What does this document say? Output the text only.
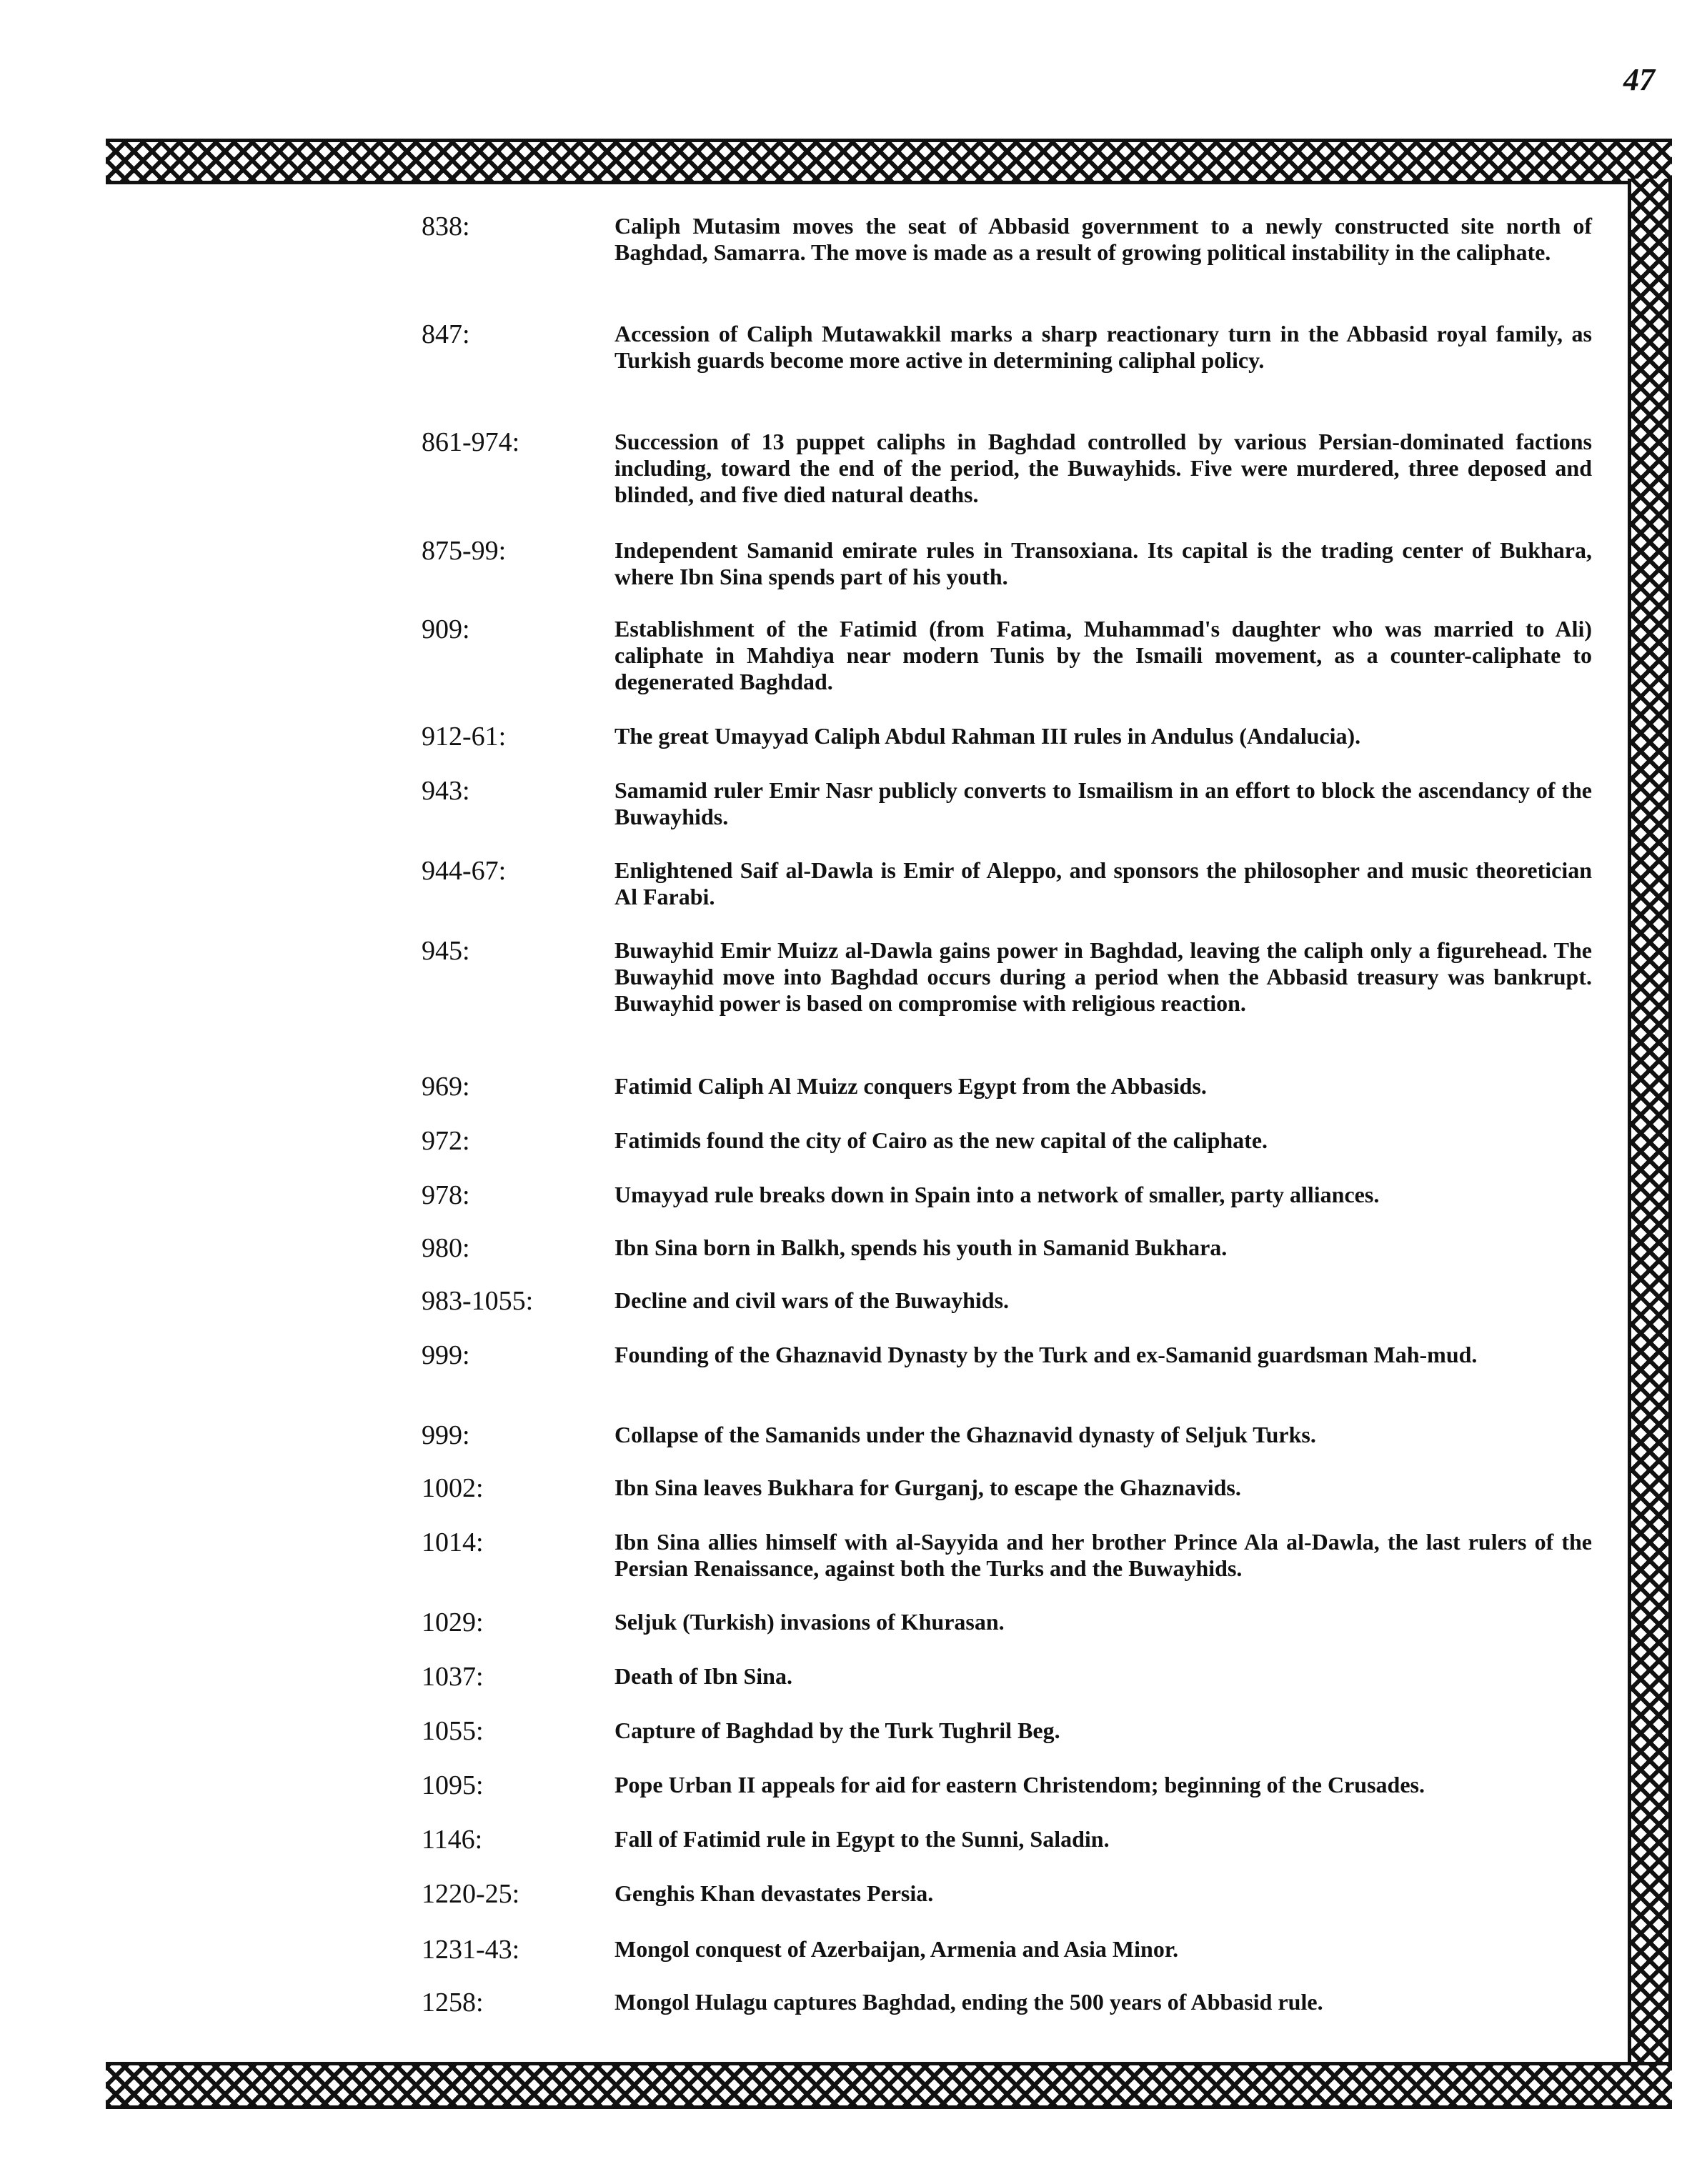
47
838:	Caliph Mutasim moves the seat of Abbasid government to a newly constructed site north of Baghdad, Samarra. The move is made as a result of growing political instability in the caliphate.
847:	Accession of Caliph Mutawakkil marks a sharp reactionary turn in the Abbasid royal family, as Turkish guards become more active in determining caliphal policy.
861-974:	Succession of 13 puppet caliphs in Baghdad controlled by various Persian-dominated factions including, toward the end of the period, the Buwayhids. Five were murdered, three deposed and blinded, and five died natural deaths.
875-99:	Independent Samanid emirate rules in Transoxiana. Its capital is the trading center of Bukhara, where Ibn Sina spends part of his youth.
909:	Establishment of the Fatimid (from Fatima, Muhammad's daughter who was married to Ali) caliphate in Mahdiya near modern Tunis by the Ismaili movement, as a counter-caliphate to degenerated Baghdad.
912-61:	The great Umayyad Caliph Abdul Rahman III rules in Andulus (Andalucia).
943:	Samamid ruler Emir Nasr publicly converts to Ismailism in an effort to block the ascendancy of the Buwayhids.
944-67:	Enlightened Saif al-Dawla is Emir of Aleppo, and sponsors the philosopher and music theoretician Al Farabi.
945:	Buwayhid Emir Muizz al-Dawla gains power in Baghdad, leaving the caliph only a figurehead. The Buwayhid move into Baghdad occurs during a period when the Abbasid treasury was bankrupt. Buwayhid power is based on compromise with religious reaction.
969:	Fatimid Caliph Al Muizz conquers Egypt from the Abbasids.
972:	Fatimids found the city of Cairo as the new capital of the caliphate.
978:	Umayyad rule breaks down in Spain into a network of smaller, party alliances.
980:	Ibn Sina born in Balkh, spends his youth in Samanid Bukhara.
983-1055:	Decline and civil wars of the Buwayhids.
999:	Founding of the Ghaznavid Dynasty by the Turk and ex-Samanid guardsman Mah-mud.
999:	Collapse of the Samanids under the Ghaznavid dynasty of Seljuk Turks.
1002:	Ibn Sina leaves Bukhara for Gurganj, to escape the Ghaznavids.
1014:	Ibn Sina allies himself with al-Sayyida and her brother Prince Ala al-Dawla, the last rulers of the Persian Renaissance, against both the Turks and the Buwayhids.
1029:	Seljuk (Turkish) invasions of Khurasan.
1037:	Death of Ibn Sina.
1055:	Capture of Baghdad by the Turk Tughril Beg.
1095:	Pope Urban II appeals for aid for eastern Christendom; beginning of the Crusades.
1146:	Fall of Fatimid rule in Egypt to the Sunni, Saladin.
1220-25:	Genghis Khan devastates Persia.
1231-43:	Mongol conquest of Azerbaijan, Armenia and Asia Minor.
1258:	Mongol Hulagu captures Baghdad, ending the 500 years of Abbasid rule.
